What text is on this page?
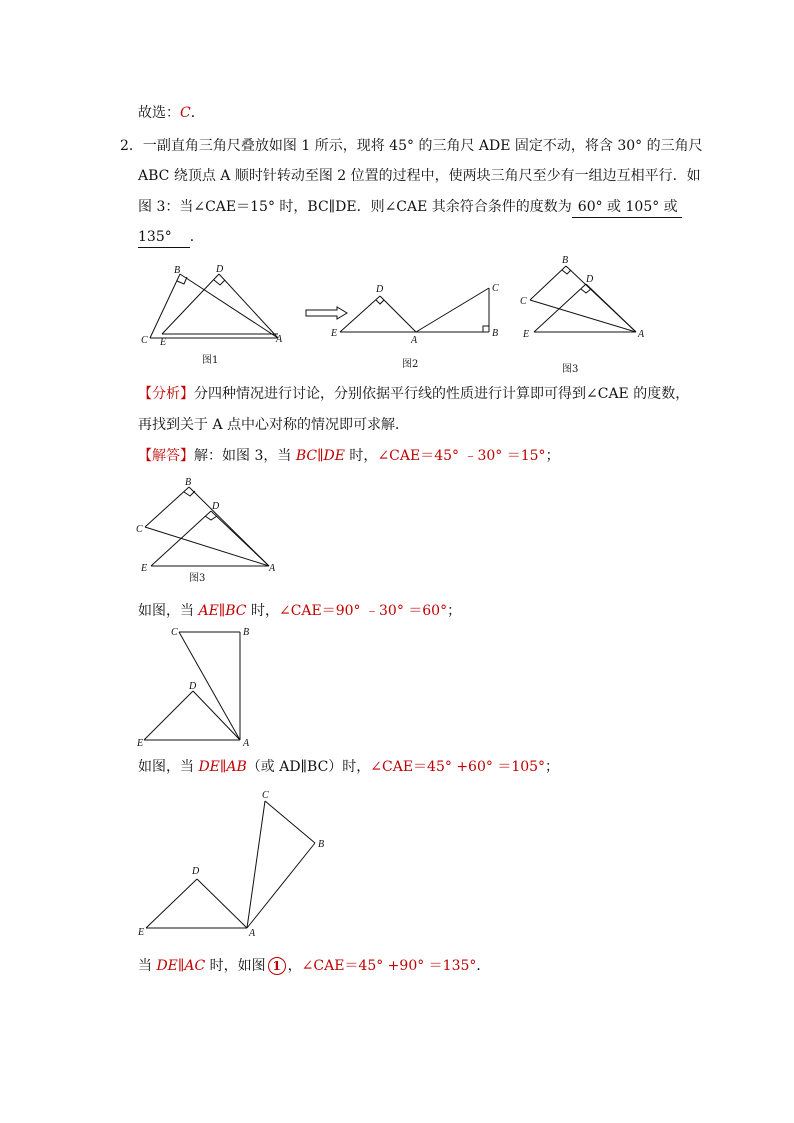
故选：C．
2．一副直角三角尺叠放如图 1 所示，现将 45° 的三角尺 ADE 固定不动，将含 30° 的三角尺
ABC 绕顶点 A 顺时针转动至图 2 位置的过程中，使两块三角尺至少有一组边互相平行．如
图 3：当∠CAE＝15° 时，BC∥DE．则∠CAE 其余符合条件的度数为 60° 或 105° 或
135° ．
B	D
C E	A
图1
D	C
E
A
B
图2
B
D
C
E	A
图3
【分析】分四种情况进行讨论，分别依据平行线的性质进行计算即可得到∠CAE 的度数，
再找到关于 A 点中心对称的情况即可求解．
【解答】解：如图 3，当 BC∥DE 时，∠CAE＝45° ﹣30° ＝15°；
B
D
C
E	A
图3
如图，当 AE∥BC 时，∠CAE＝90° ﹣30° ＝60°；
C	B
D
E	A
如图，当 DE∥AB（或 AD∥BC）时，∠CAE＝45° +60° ＝105°；
C
B
D
E	A
当 DE∥AC 时，如图 1 ，∠CAE＝45° +90° ＝135°．
